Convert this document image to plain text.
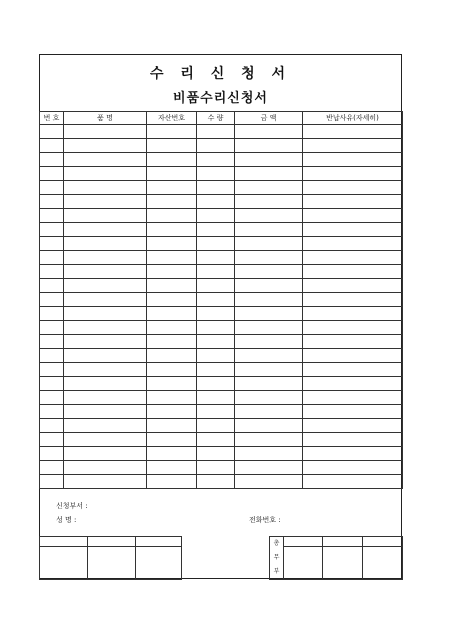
수 리 신 청 서
비품수리신청서
번 호	품 명	자산번호	수 량	금 액	반납사유(자세히)

신청부서 :
성 명 :	전화번호 :

총
무
부			
